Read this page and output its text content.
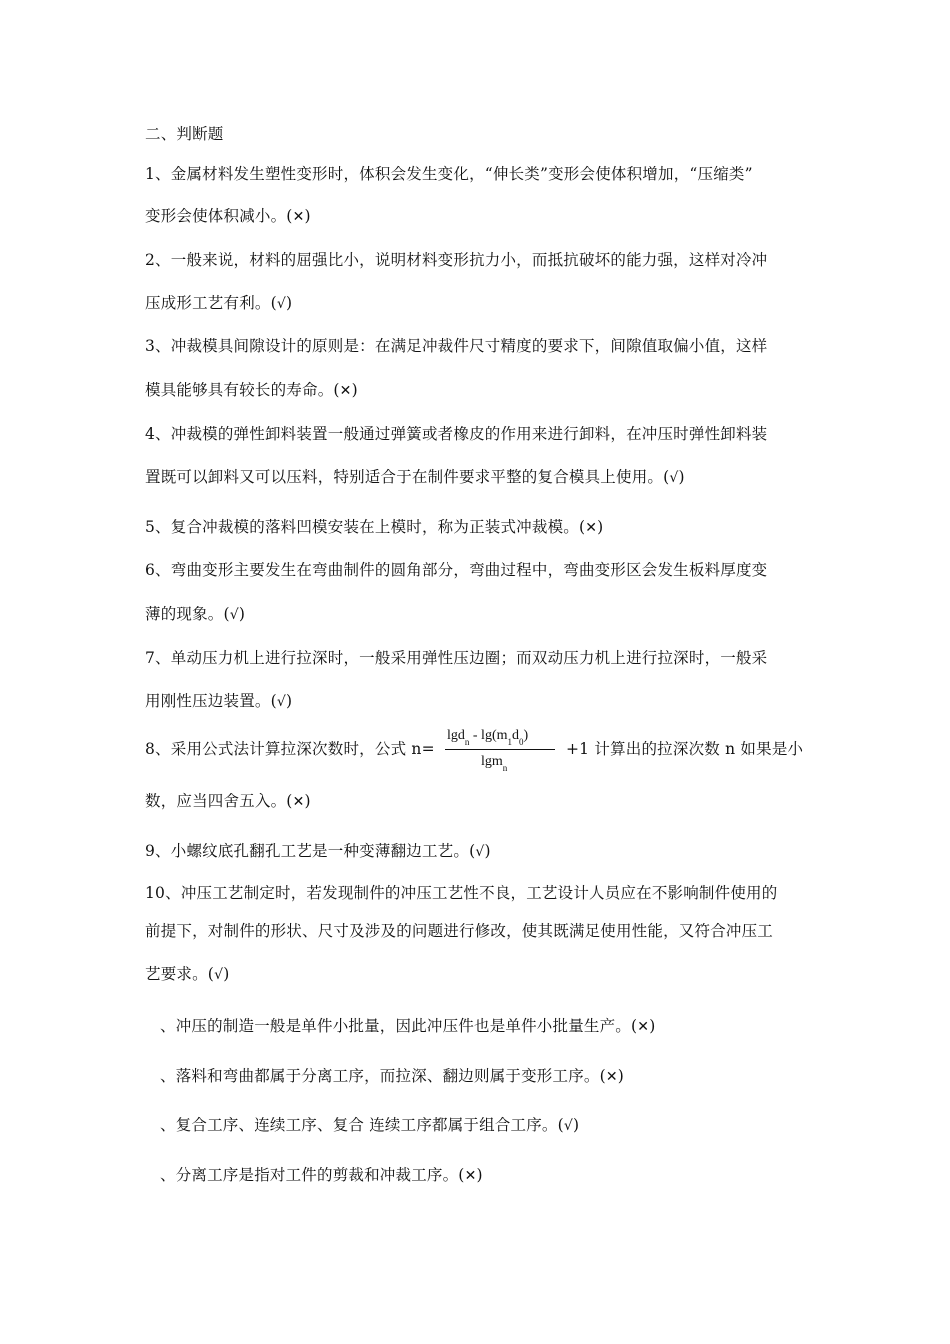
二、判断题
1、金属材料发生塑性变形时，体积会发生变化，“伸长类”变形会使体积增加，“压缩类”
变形会使体积减小。(✕)
2、一般来说，材料的屈强比小，说明材料变形抗力小，而抵抗破坏的能力强，这样对冷冲
压成形工艺有利。(√)
3、冲裁模具间隙设计的原则是：在满足冲裁件尺寸精度的要求下，间隙值取偏小值，这样
模具能够具有较长的寿命。(✕)
4、冲裁模的弹性卸料装置一般通过弹簧或者橡皮的作用来进行卸料，在冲压时弹性卸料装
置既可以卸料又可以压料，特别适合于在制件要求平整的复合模具上使用。(√)
5、复合冲裁模的落料凹模安装在上模时，称为正装式冲裁模。(✕)
6、弯曲变形主要发生在弯曲制件的圆角部分，弯曲过程中，弯曲变形区会发生板料厚度变
薄的现象。(√)
7、单动压力机上进行拉深时，一般采用弹性压边圈；而双动压力机上进行拉深时，一般采
用刚性压边装置。(√)
8、采用公式法计算拉深次数时，公式 n=
$\lg d_n - \lg(m_1d_0)$
lgm$_n$
+1 计算出的拉深次数 n 如果是小
数，应当四舍五入。(✕)
9、小螺纹底孔翻孔工艺是一种变薄翻边工艺。(√)
10、冲压工艺制定时，若发现制件的冲压工艺性不良，工艺设计人员应在不影响制件使用的
前提下，对制件的形状、尺寸及涉及的问题进行修改，使其既满足使用性能，又符合冲压工
艺要求。(√)
、冲压的制造一般是单件小批量，因此冲压件也是单件小批量生产。(✕)
、落料和弯曲都属于分离工序，而拉深、翻边则属于变形工序。(✕)
、复合工序、连续工序、复合 连续工序都属于组合工序。(√)
、分离工序是指对工件的剪裁和冲裁工序。(✕)
